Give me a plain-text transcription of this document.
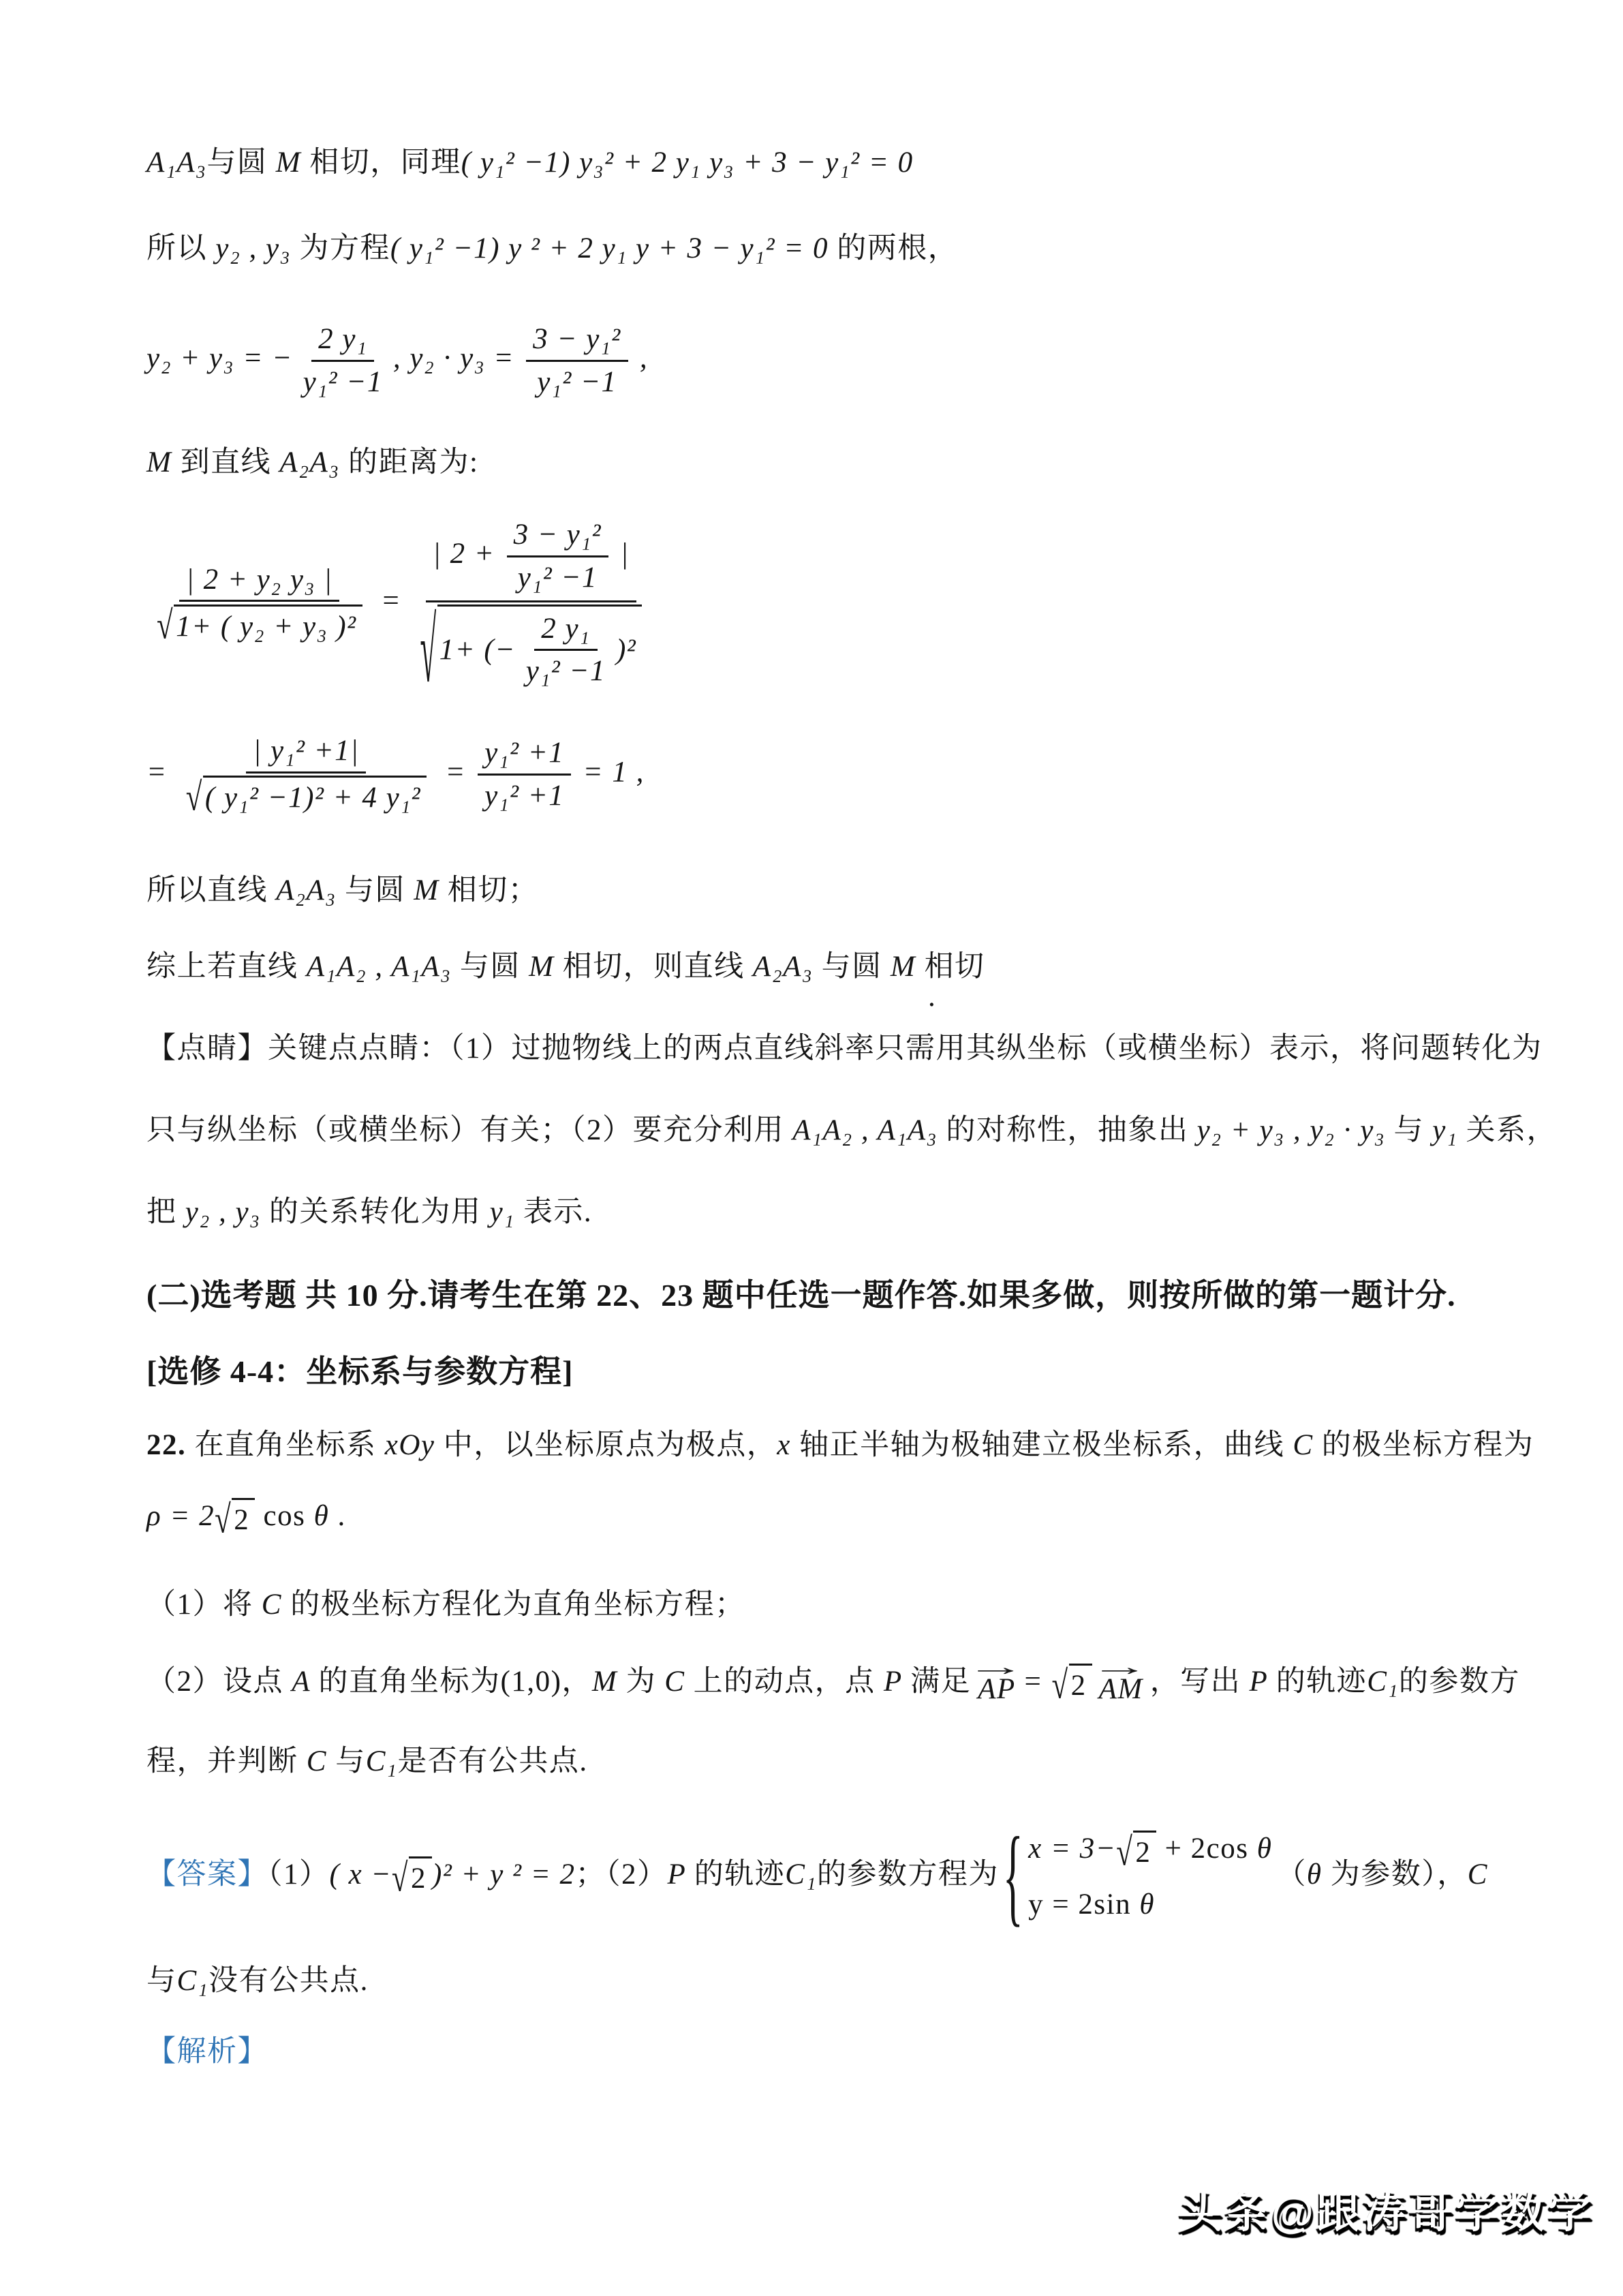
A₁A₃与圆 M 相切，同理( y₁² −1) y₃² + 2 y₁ y₃ + 3 − y₁² = 0
所以 y₂ , y₃ 为方程( y₁² −1) y ² + 2 y₁ y + 3 − y₁² = 0 的两根，
y₂ + y₃ = − $\frac{\text{2 y₁}}{\text{y₁² −1}}$ , $y_2 \cdot y_3 = \frac{\text{3 − y₁²}}{\text{y₁² −1}}$ ,
M 到直线 A₂A₃ 的距离为:
$\frac{\text{| 2 + y₂ y₃ |}}{\text{√ 1+ ( y₂ + y₃ )²}} = \frac{| 2 + \frac{\text{3 − y₁²}}{\text{y₁² −1}} |}{√ 1+ (- \frac{\text{2 y₁}}{\text{y₁² −1}} )^2}$
= $\frac{\text{| y₁² +1|}}{\text{√ ( y₁² −1)² + 4 y₁²}} = \frac{\text{y₁² +1}}{\text{y₁² +1}} = 1$ ,
所以直线 A₂A₃ 与圆 M 相切；
综上若直线 A₁A₂ , A₁A₃ 与圆 M 相切，则直线 A₂A₃ 与圆 M 相切
.
【点睛】关键点点睛：（1）过抛物线上的两点直线斜率只需用其纵坐标（或横坐标）表示，将问题转化为
只与纵坐标（或横坐标）有关；（2）要充分利用 A₁A₂ , A₁A₃ 的对称性，抽象出 y₂ + y₃ , y₂ · y₃ 与 y₁ 关系，
把 y₂ , y₃ 的关系转化为用 y₁ 表示.
(二)选考题 共 10 分.请考生在第 22、23 题中任选一题作答.如果多做，则按所做的第一题计分.
[选修 4-4：坐标系与参数方程]
22. 在直角坐标系 xOy 中，以坐标原点为极点，x 轴正半轴为极轴建立极坐标系，曲线 C 的极坐标方程为
ρ = 2 √ 2 cos θ .
（1）将 C 的极坐标方程化为直角坐标方程；
（2）设点 A 的直角坐标为(1,0)，M 为 C 上的动点，点 P 满足
→
AP = √ 2
→
AM ，写出 P 的轨迹C₁的参数方
程，并判断 C 与C₁是否有公共点.
【答案】（1）( x − √ 2 )² + y ² = 2；（2）P 的轨迹C₁的参数方程为 { x = 3− √ 2 + 2cos θ
y = 2sin θ
（θ 为参数），C
与C₁没有公共点.
【解析】
头条@跟涛哥学数学
